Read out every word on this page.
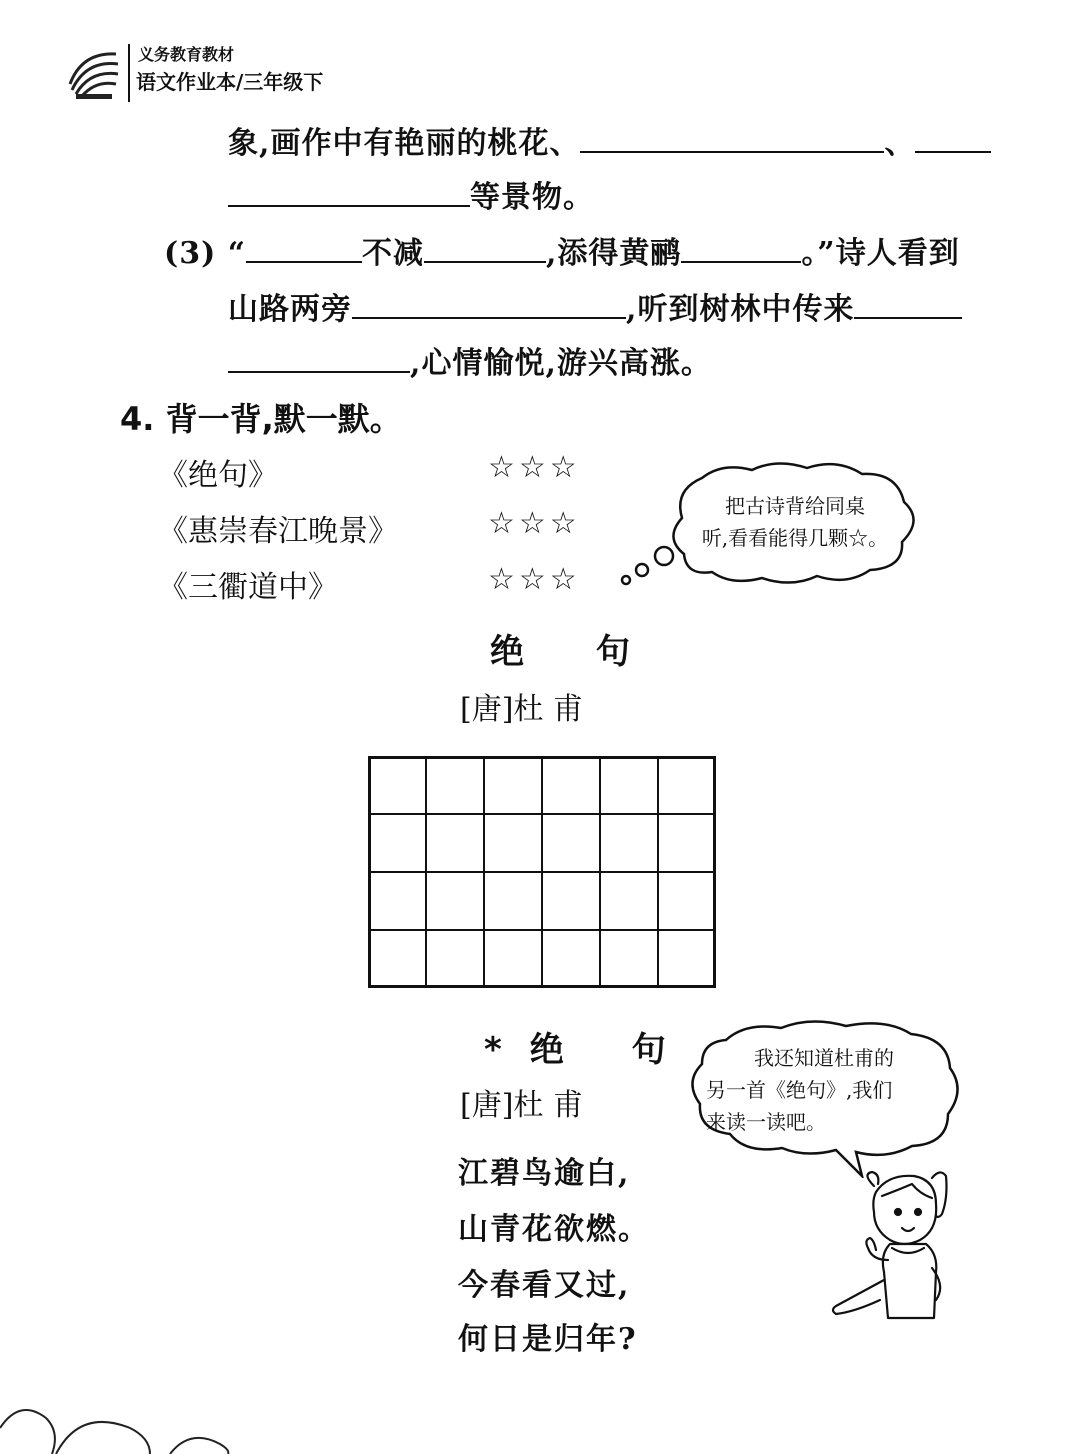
义务教育教材
语文作业本/三年级下
象,画作中有艳丽的桃花、	、
等景物。
(3) “	不减	,添得黄鹂	。”诗人看到
山路两旁	,听到树林中传来
,心情愉悦,游兴高涨。
4. 背一背,默一默。
《绝句》	☆☆☆
《惠崇春江晚景》	☆☆☆
《三衢道中》	☆☆☆
把古诗背给同桌
听,看看能得几颗☆。
绝 句
[唐]杜 甫
*绝 句
[唐]杜 甫
江碧鸟逾白,
山青花欲燃。
今春看又过,
何日是归年?
我还知道杜甫的
另一首《绝句》,我们
来读一读吧。
